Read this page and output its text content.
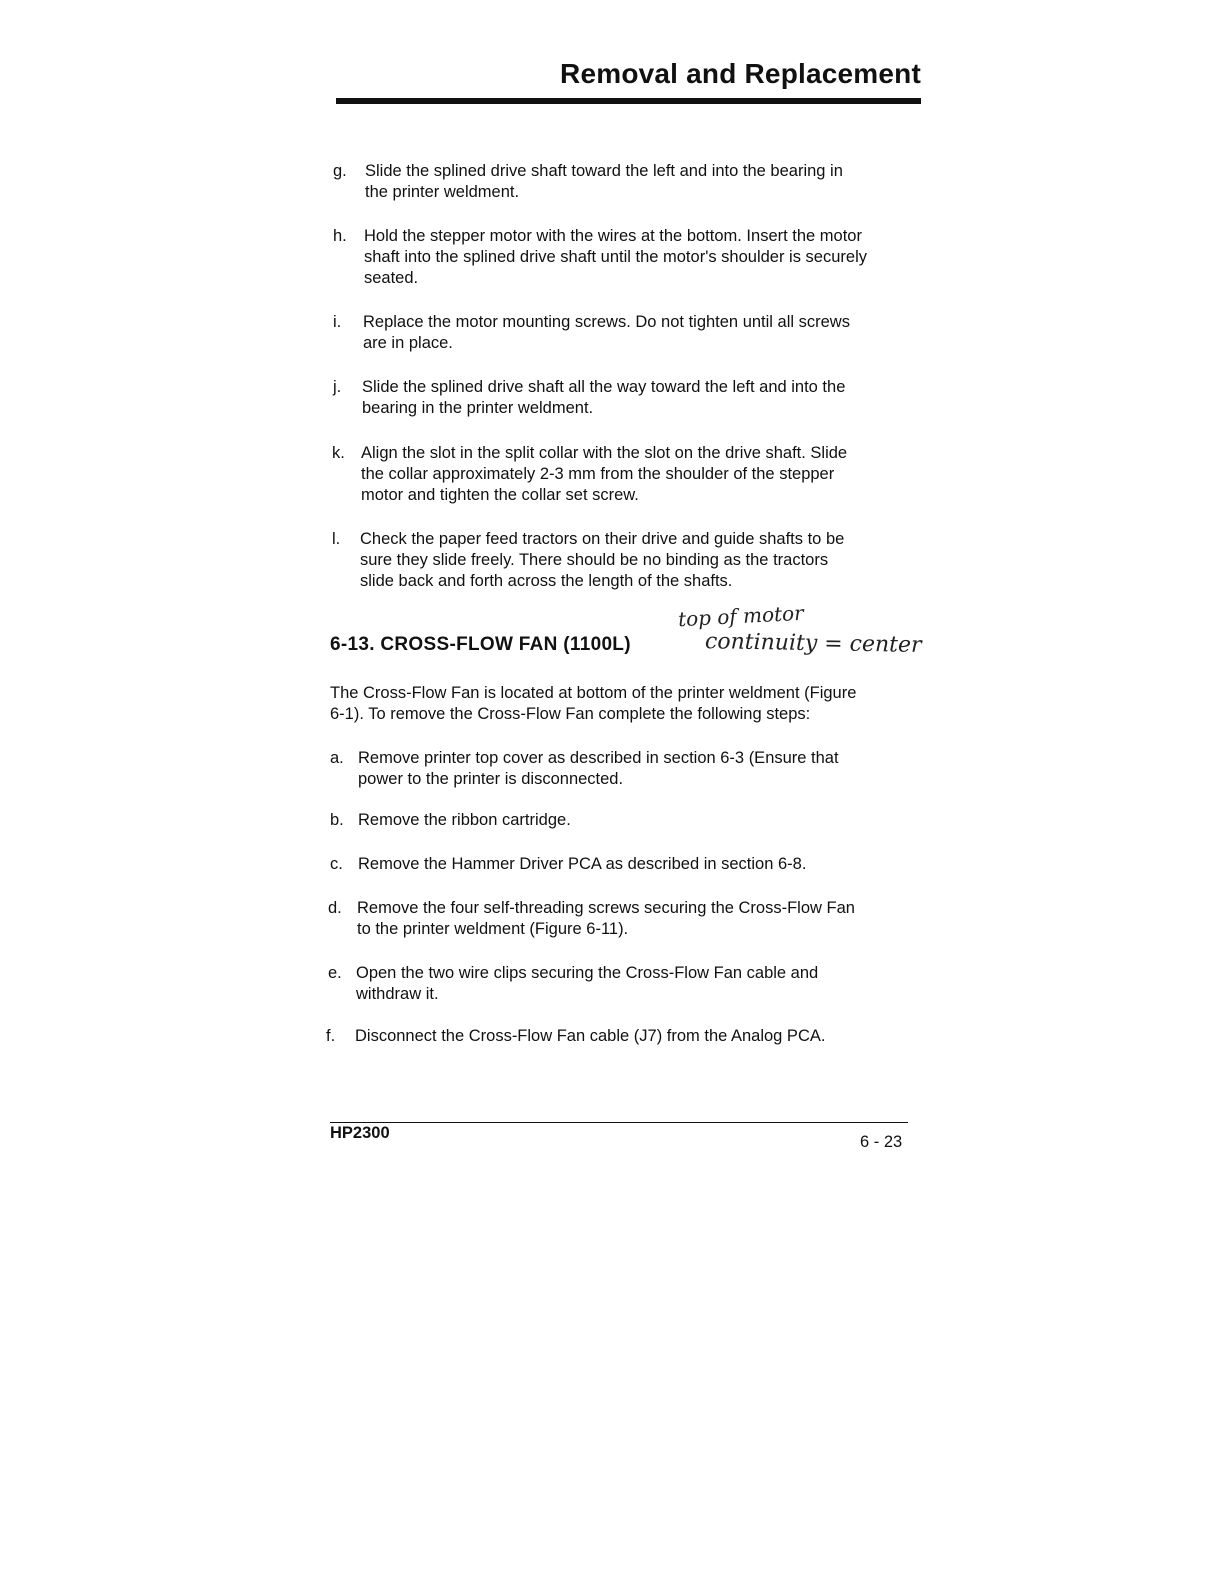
Removal and Replacement
g. Slide the splined drive shaft toward the left and into the bearing in
the printer weldment.
h. Hold the stepper motor with the wires at the bottom. Insert the motor
shaft into the splined drive shaft until the motor's shoulder is securely
seated.
i. Replace the motor mounting screws. Do not tighten until all screws
are in place.
j. Slide the splined drive shaft all the way toward the left and into the
bearing in the printer weldment.
k. Align the slot in the split collar with the slot on the drive shaft. Slide
the collar approximately 2-3 mm from the shoulder of the stepper
motor and tighten the collar set screw.
l. Check the paper feed tractors on their drive and guide shafts to be
sure they slide freely. There should be no binding as the tractors
slide back and forth across the length of the shafts.
6-13. CROSS-FLOW FAN (1100L)
top of motor
continuity = center
The Cross-Flow Fan is located at bottom of the printer weldment (Figure
6-1). To remove the Cross-Flow Fan complete the following steps:
a. Remove printer top cover as described in section 6-3 (Ensure that
power to the printer is disconnected.
b. Remove the ribbon cartridge.
c. Remove the Hammer Driver PCA as described in section 6-8.
d. Remove the four self-threading screws securing the Cross-Flow Fan
to the printer weldment (Figure 6-11).
e. Open the two wire clips securing the Cross-Flow Fan cable and
withdraw it.
f. Disconnect the Cross-Flow Fan cable (J7) from the Analog PCA.
HP2300	6 - 23
